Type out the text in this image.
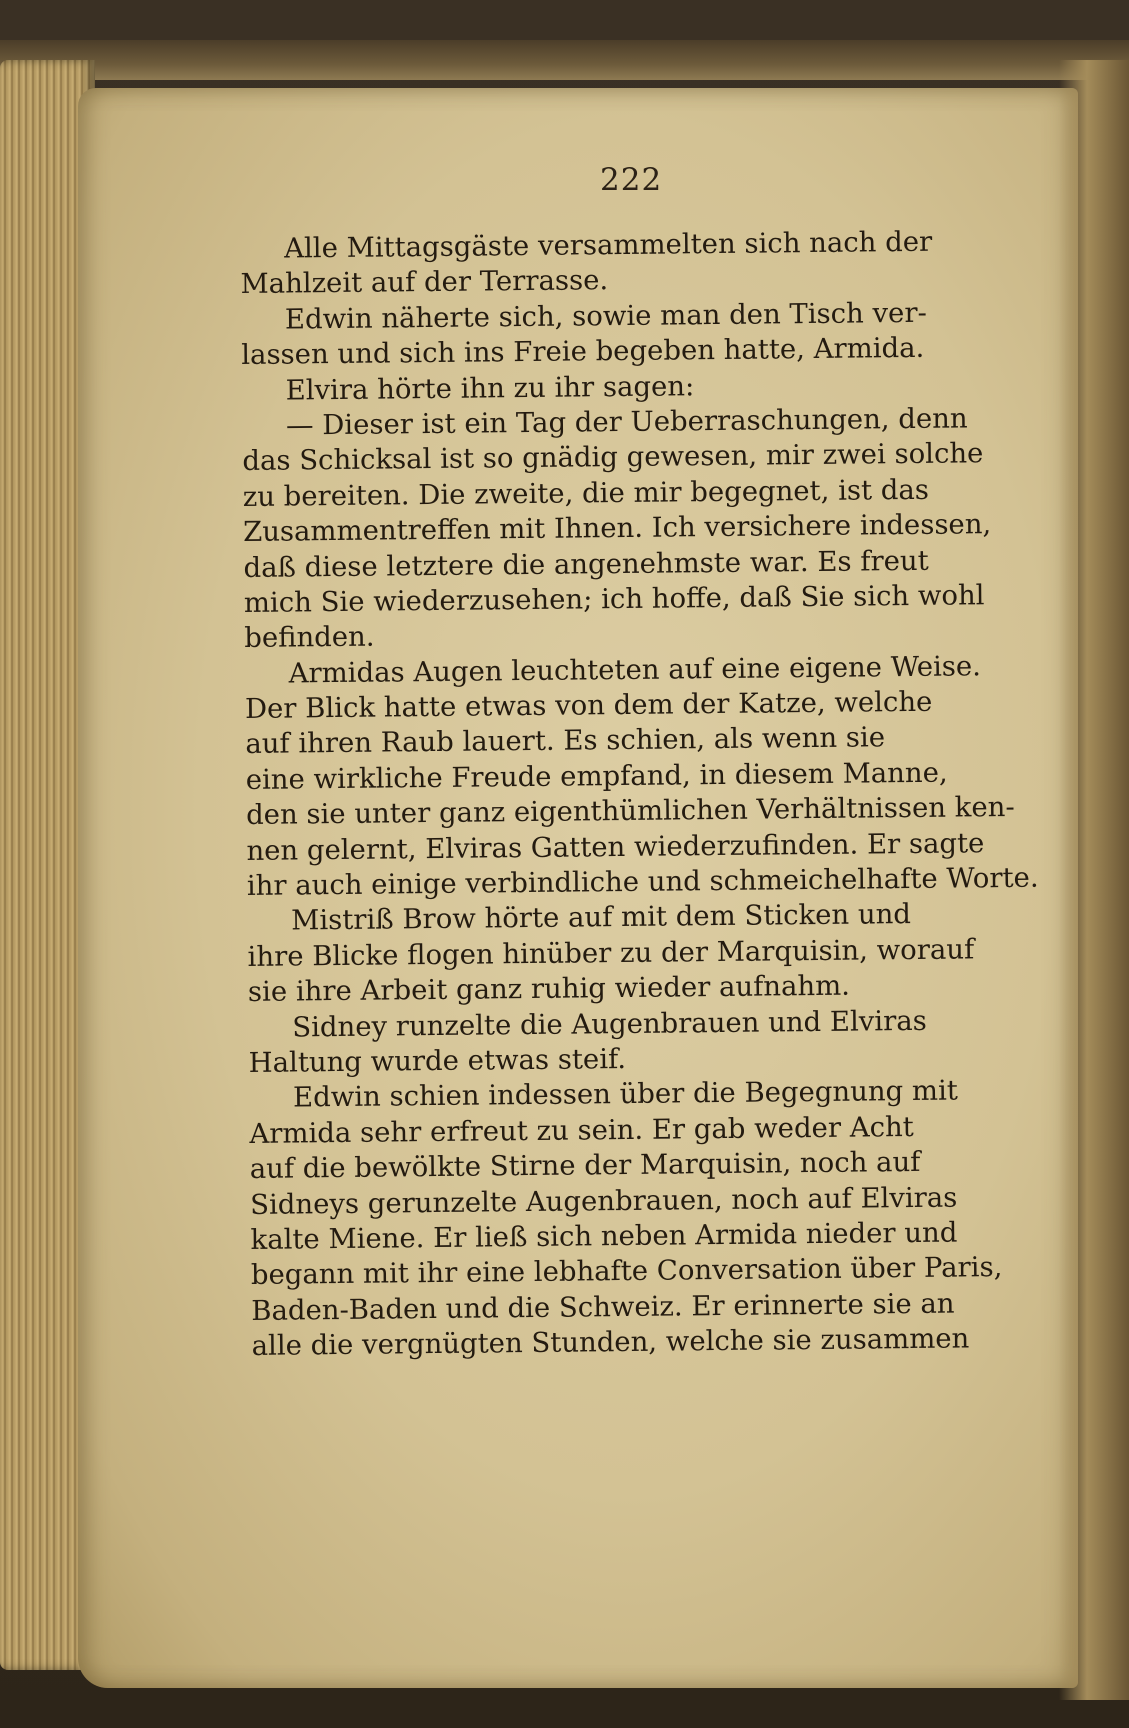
222
Alle Mittagsgäste versammelten sich nach der
Mahlzeit auf der Terrasse.
Edwin näherte sich, sowie man den Tisch ver-
lassen und sich ins Freie begeben hatte, Armida.
Elvira hörte ihn zu ihr sagen:
— Dieser ist ein Tag der Ueberraschungen, denn
das Schicksal ist so gnädig gewesen, mir zwei solche
zu bereiten. Die zweite, die mir begegnet, ist das
Zusammentreffen mit Ihnen. Ich versichere indessen,
daß diese letztere die angenehmste war. Es freut
mich Sie wiederzusehen; ich hoffe, daß Sie sich wohl
befinden.
Armidas Augen leuchteten auf eine eigene Weise.
Der Blick hatte etwas von dem der Katze, welche
auf ihren Raub lauert. Es schien, als wenn sie
eine wirkliche Freude empfand, in diesem Manne,
den sie unter ganz eigenthümlichen Verhältnissen ken-
nen gelernt, Elviras Gatten wiederzufinden. Er sagte
ihr auch einige verbindliche und schmeichelhafte Worte.
Mistriß Brow hörte auf mit dem Sticken und
ihre Blicke flogen hinüber zu der Marquisin, worauf
sie ihre Arbeit ganz ruhig wieder aufnahm.
Sidney runzelte die Augenbrauen und Elviras
Haltung wurde etwas steif.
Edwin schien indessen über die Begegnung mit
Armida sehr erfreut zu sein. Er gab weder Acht
auf die bewölkte Stirne der Marquisin, noch auf
Sidneys gerunzelte Augenbrauen, noch auf Elviras
kalte Miene. Er ließ sich neben Armida nieder und
begann mit ihr eine lebhafte Conversation über Paris,
Baden-Baden und die Schweiz. Er erinnerte sie an
alle die vergnügten Stunden, welche sie zusammen
